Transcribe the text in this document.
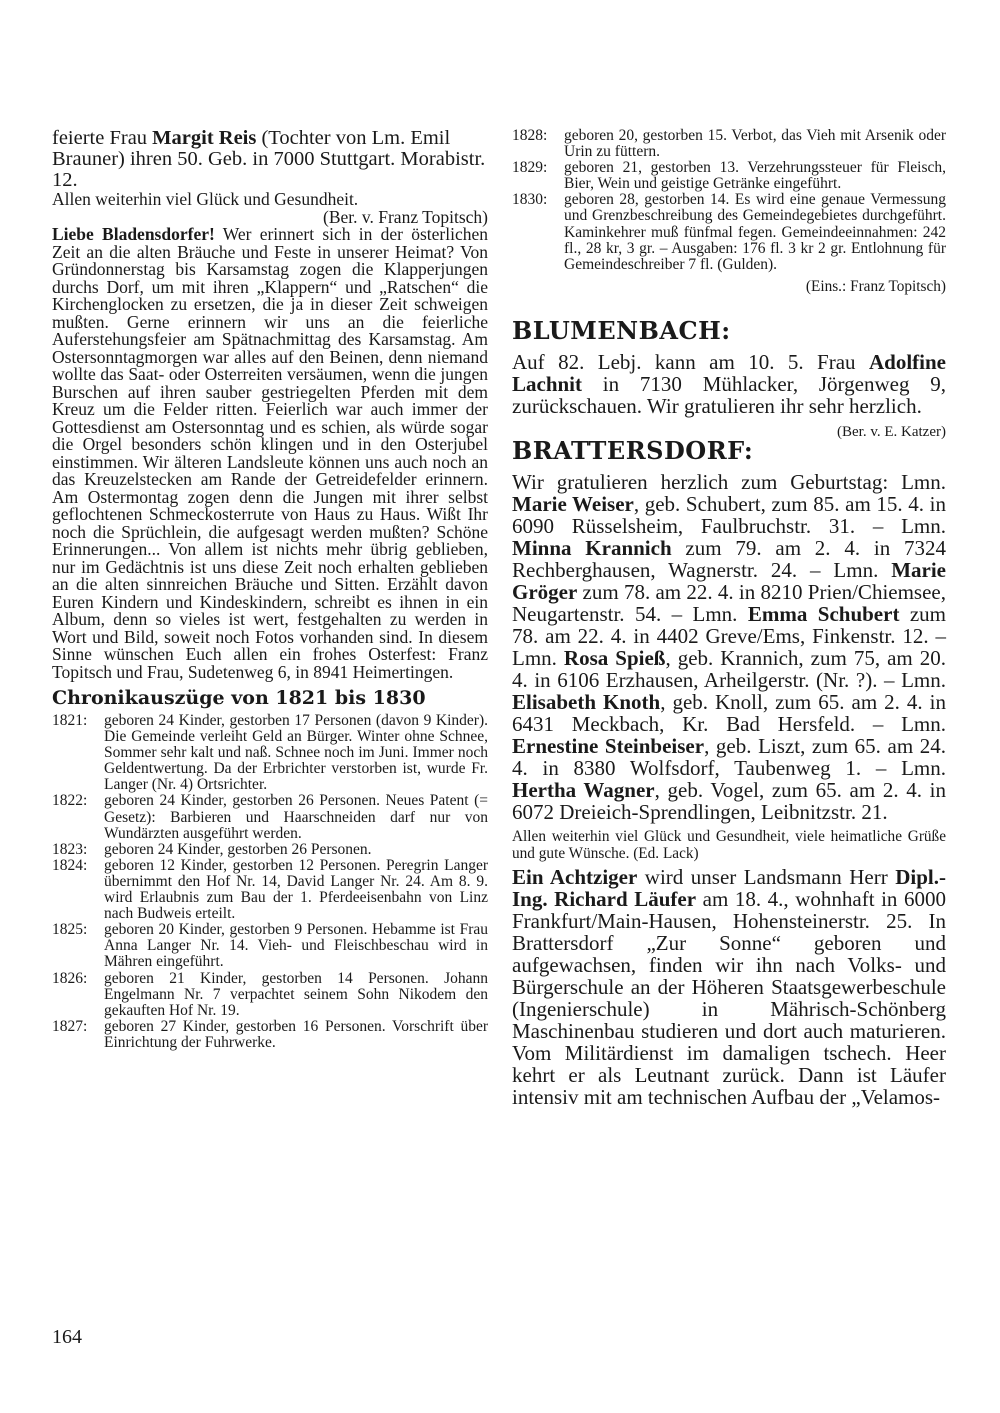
feierte Frau Margit Reis (Tochter von Lm. Emil Brauner) ihren 50. Geb. in 7000 Stuttgart. Morabistr. 12.

Allen weiterhin viel Glück und Gesundheit.

(Ber. v. Franz Topitsch)

Liebe Bladensdorfer! Wer erinnert sich in der österlichen Zeit an die alten Bräuche und Feste in unserer Heimat? Von Gründonnerstag bis Karsamstag zogen die Klapperjungen durchs Dorf, um mit ihren „Klappern“ und „Ratschen“ die Kirchenglocken zu ersetzen, die ja in dieser Zeit schweigen mußten. Gerne erinnern wir uns an die feierliche Auferstehungsfeier am Spätnachmittag des Karsamstag. Am Ostersonntagmorgen war alles auf den Beinen, denn niemand wollte das Saat- oder Osterreiten versäumen, wenn die jungen Burschen auf ihren sauber gestriegelten Pferden mit dem Kreuz um die Felder ritten. Feierlich war auch immer der Gottesdienst am Ostersonntag und es schien, als würde sogar die Orgel besonders schön klingen und in den Osterjubel einstimmen. Wir älteren Landsleute können uns auch noch an das Kreuzelstecken am Rande der Getreidefelder erinnern. Am Ostermontag zogen denn die Jungen mit ihrer selbst geflochtenen Schmeckosterrute von Haus zu Haus. Wißt Ihr noch die Sprüchlein, die aufgesagt werden mußten? Schöne Erinnerungen... Von allem ist nichts mehr übrig geblieben, nur im Gedächtnis ist uns diese Zeit noch erhalten geblieben an die alten sinnreichen Bräuche und Sitten. Erzählt davon Euren Kindern und Kindeskindern, schreibt es ihnen in ein Album, denn so vieles ist wert, festgehalten zu werden in Wort und Bild, soweit noch Fotos vorhanden sind. In diesem Sinne wünschen Euch allen ein frohes Osterfest: Franz Topitsch und Frau, Sudetenweg 6, in 8941 Heimertingen.

Chronikauszüge von 1821 bis 1830
1821:	geboren 24 Kinder, gestorben 17 Personen (davon 9 Kinder). Die Gemeinde verleiht Geld an Bürger. Winter ohne Schnee, Sommer sehr kalt und naß. Schnee noch im Juni. Immer noch Geldentwertung. Da der Erbrichter verstorben ist, wurde Fr. Langer (Nr. 4) Ortsrichter.
1822:	geboren 24 Kinder, gestorben 26 Personen. Neues Patent (= Gesetz): Barbieren und Haarschneiden darf nur von Wundärzten ausgeführt werden.
1823:	geboren 24 Kinder, gestorben 26 Personen.
1824:	geboren 12 Kinder, gestorben 12 Personen. Peregrin Langer übernimmt den Hof Nr. 14, David Langer Nr. 24. Am 8. 9. wird Erlaubnis zum Bau der 1. Pferdeeisenbahn von Linz nach Budweis erteilt.
1825:	geboren 20 Kinder, gestorben 9 Personen. Hebamme ist Frau Anna Langer Nr. 14. Vieh- und Fleischbeschau wird in Mähren eingeführt.
1826:	geboren 21 Kinder, gestorben 14 Personen. Johann Engelmann Nr. 7 verpachtet seinem Sohn Nikodem den gekauften Hof Nr. 19.
1827:	geboren 27 Kinder, gestorben 16 Personen. Vorschrift über Einrichtung der Fuhrwerke.
1828:	geboren 20, gestorben 15. Verbot, das Vieh mit Arsenik oder Urin zu füttern.
1829:	geboren 21, gestorben 13. Verzehrungssteuer für Fleisch, Bier, Wein und geistige Getränke eingeführt.
1830:	geboren 28, gestorben 14. Es wird eine genaue Vermessung und Grenzbeschreibung des Gemeindegebietes durchgeführt. Kaminkehrer muß fünfmal fegen. Gemeindeeinnahmen: 242 fl., 28 kr, 3 gr. – Ausgaben: 176 fl. 3 kr 2 gr. Entlohnung für Gemeindeschreiber 7 fl. (Gulden).

(Eins.: Franz Topitsch)

BLUMENBACH:

Auf 82. Lebj. kann am 10. 5. Frau Adolfine Lachnit in 7130 Mühlacker, Jörgenweg 9, zurückschauen. Wir gratulieren ihr sehr herzlich.
(Ber. v. E. Katzer)

BRATTERSDORF:

Wir gratulieren herzlich zum Geburtstag: Lmn. Marie Weiser, geb. Schubert, zum 85. am 15. 4. in 6090 Rüsselsheim, Faulbruchstr. 31. – Lmn. Minna Krannich zum 79. am 2. 4. in 7324 Rechberghausen, Wagnerstr. 24. – Lmn. Marie Gröger zum 78. am 22. 4. in 8210 Prien/Chiemsee, Neugartenstr. 54. – Lmn. Emma Schubert zum 78. am 22. 4. in 4402 Greve/Ems, Finkenstr. 12. – Lmn. Rosa Spieß, geb. Krannich, zum 75, am 20. 4. in 6106 Erzhausen, Arheilgerstr. (Nr. ?). – Lmn. Elisabeth Knoth, geb. Knoll, zum 65. am 2. 4. in 6431 Meckbach, Kr. Bad Hersfeld. – Lmn. Ernestine Steinbeiser, geb. Liszt, zum 65. am 24. 4. in 8380 Wolfsdorf, Taubenweg 1. – Lmn. Hertha Wagner, geb. Vogel, zum 65. am 2. 4. in 6072 Dreieich-Sprendlingen, Leibnitzstr. 21.

Allen weiterhin viel Glück und Gesundheit, viele heimatliche Grüße und gute Wünsche. (Ed. Lack)

Ein Achtziger wird unser Landsmann Herr Dipl.-Ing. Richard Läufer am 18. 4., wohnhaft in 6000 Frankfurt/Main-Hausen, Hohensteinerstr. 25. In Brattersdorf „Zur Sonne“ geboren und aufgewachsen, finden wir ihn nach Volks- und Bürgerschule an der Höheren Staatsgewerbeschule (Ingenierschule) in Mährisch-Schönberg Maschinenbau studieren und dort auch maturieren. Vom Militärdienst im damaligen tschech. Heer kehrt er als Leutnant zurück. Dann ist Läufer intensiv mit am technischen Aufbau der „Velamos-

164
